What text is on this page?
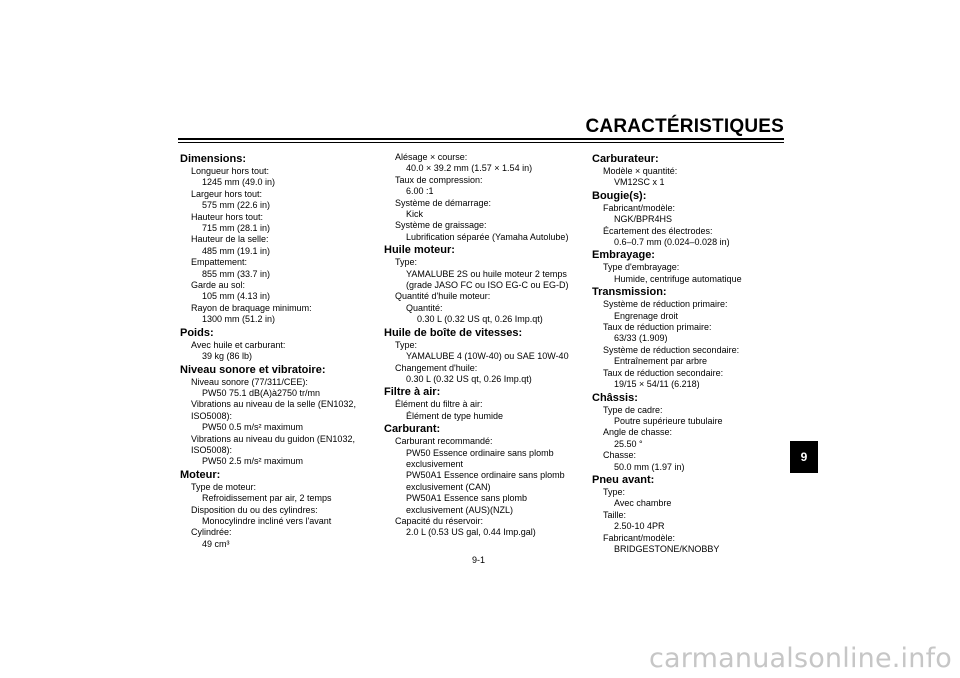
CARACTÉRISTIQUES
Dimensions:
Longueur hors tout:
1245 mm (49.0 in)
Largeur hors tout:
575 mm (22.6 in)
Hauteur hors tout:
715 mm (28.1 in)
Hauteur de la selle:
485 mm (19.1 in)
Empattement:
855 mm (33.7 in)
Garde au sol:
105 mm (4.13 in)
Rayon de braquage minimum:
1300 mm (51.2 in)
Poids:
Avec huile et carburant:
39 kg (86 lb)
Niveau sonore et vibratoire:
Niveau sonore (77/311/CEE):
PW50 75.1 dB(A)à2750 tr/mn
Vibrations au niveau de la selle (EN1032,
ISO5008):
PW50 0.5 m/s² maximum
Vibrations au niveau du guidon (EN1032,
ISO5008):
PW50 2.5 m/s² maximum
Moteur:
Type de moteur:
Refroidissement par air, 2 temps
Disposition du ou des cylindres:
Monocylindre incliné vers l'avant
Cylindrée:
49 cm³
Alésage × course:
40.0 × 39.2 mm (1.57 × 1.54 in)
Taux de compression:
6.00 :1
Système de démarrage:
Kick
Système de graissage:
Lubrification séparée (Yamaha Autolube)
Huile moteur:
Type:
YAMALUBE 2S ou huile moteur 2 temps
(grade JASO FC ou ISO EG-C ou EG-D)
Quantité d'huile moteur:
Quantité:
0.30 L (0.32 US qt, 0.26 Imp.qt)
Huile de boîte de vitesses:
Type:
YAMALUBE 4 (10W-40) ou SAE 10W-40
Changement d'huile:
0.30 L (0.32 US qt, 0.26 Imp.qt)
Filtre à air:
Élément du filtre à air:
Élément de type humide
Carburant:
Carburant recommandé:
PW50 Essence ordinaire sans plomb
exclusivement
PW50A1 Essence ordinaire sans plomb
exclusivement (CAN)
PW50A1 Essence sans plomb
exclusivement (AUS)(NZL)
Capacité du réservoir:
2.0 L (0.53 US gal, 0.44 Imp.gal)
Carburateur:
Modèle × quantité:
VM12SC x 1
Bougie(s):
Fabricant/modèle:
NGK/BPR4HS
Écartement des électrodes:
0.6–0.7 mm (0.024–0.028 in)
Embrayage:
Type d'embrayage:
Humide, centrifuge automatique
Transmission:
Système de réduction primaire:
Engrenage droit
Taux de réduction primaire:
63/33 (1.909)
Système de réduction secondaire:
Entraînement par arbre
Taux de réduction secondaire:
19/15 × 54/11 (6.218)
Châssis:
Type de cadre:
Poutre supérieure tubulaire
Angle de chasse:
25.50 °
Chasse:
50.0 mm (1.97 in)
Pneu avant:
Type:
Avec chambre
Taille:
2.50-10 4PR
Fabricant/modèle:
BRIDGESTONE/KNOBBY
9
9-1
carmanualsonline.info
